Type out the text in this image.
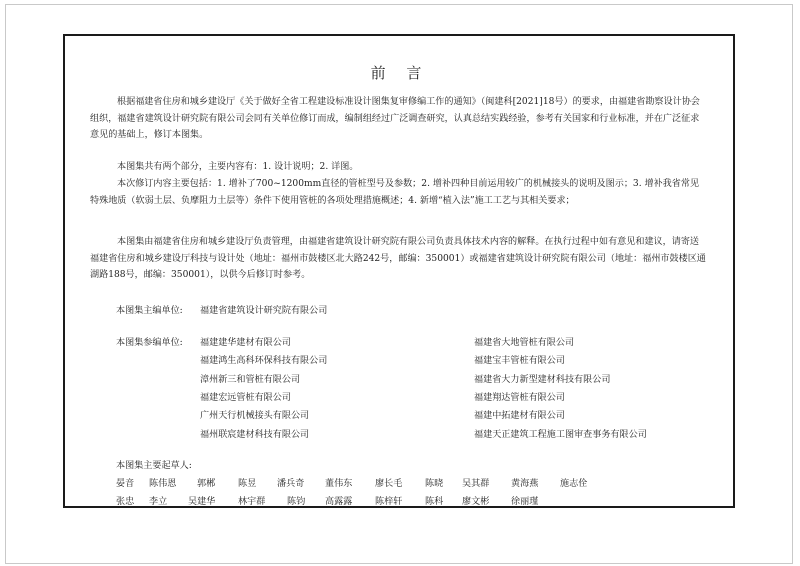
前 言

根据福建省住房和城乡建设厅《关于做好全省工程建设标准设计图集复审修编工作的通知》（闽建科[2021]18号）的要求，由福建省勘察设计协会组织，福建省建筑设计研究院有限公司会同有关单位修订而成，编制组经过广泛调查研究，认真总结实践经验，参考有关国家和行业标准，并在广泛征求意见的基础上，修订本图集。

本图集共有两个部分，主要内容有：1. 设计说明；2. 详图。

本次修订内容主要包括：1. 增补了700~1200mm直径的管桩型号及参数；2. 增补四种目前运用较广的机械接头的说明及图示；3. 增补我省常见特殊地质（软弱土层、负摩阻力土层等）条件下使用管桩的各项处理措施概述；4. 新增“植入法”施工工艺与其相关要求；

本图集由福建省住房和城乡建设厅负责管理，由福建省建筑设计研究院有限公司负责具体技术内容的解释。在执行过程中如有意见和建议，请寄送福建省住房和城乡建设厅科技与设计处（地址：福州市鼓楼区北大路242号，邮编：350001）或福建省建筑设计研究院有限公司（地址：福州市鼓楼区通湖路188号，邮编：350001），以供今后修订时参考。

本图集主编单位: 福建省建筑设计研究院有限公司
本图集参编单位: 福建建华建材有限公司
福建鸿生高科环保科技有限公司
漳州新三和管桩有限公司
福建宏远管桩有限公司
广州天行机械接头有限公司
福州联宸建材科技有限公司
福建省大地管桩有限公司
福建宝丰管桩有限公司
福建省大力新型建材科技有限公司
福建翔达管桩有限公司
福建中拓建材有限公司
福建天正建筑工程施工图审查事务有限公司
本图集主要起草人:
晏音 陈伟恩 郭郴	陈昱 潘兵奇 董伟东 廖长毛 陈晓 吴其群 黄海燕 施志佺
张忠 李立 吴建华 林宇群 陈钧 高露露 陈梓轩 陈科 廖文彬 徐丽瑾
